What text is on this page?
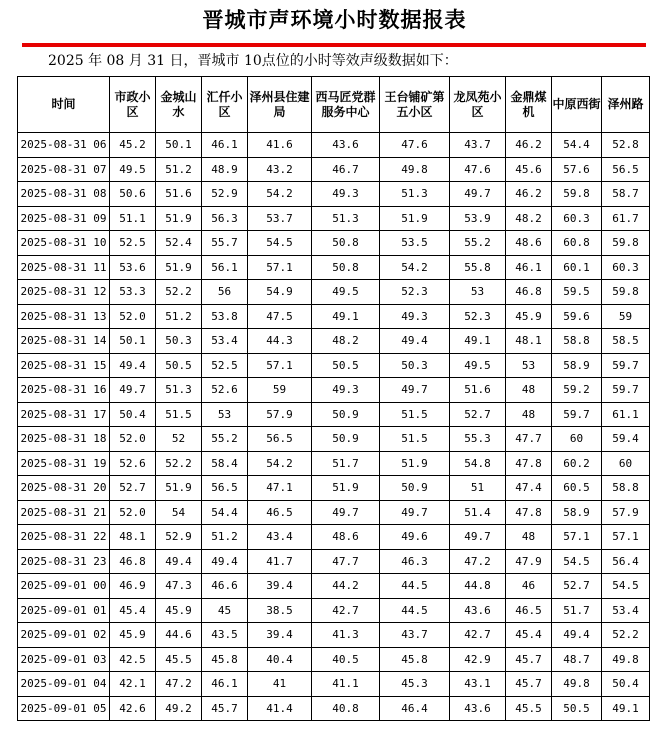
晋城市声环境小时数据报表
2025 年 08 月 31 日，晋城市 10点位的小时等效声级数据如下：
时间	市政小区	金城山水	汇仟小区	泽州县住建局	西马匠党群服务中心	王台铺矿第五小区	龙凤苑小区	金鼎煤机	中原西街	泽州路
2025-08-31 06	45.2	50.1	46.1	41.6	43.6	47.6	43.7	46.2	54.4	52.8
2025-08-31 07	49.5	51.2	48.9	43.2	46.7	49.8	47.6	45.6	57.6	56.5
2025-08-31 08	50.6	51.6	52.9	54.2	49.3	51.3	49.7	46.2	59.8	58.7
2025-08-31 09	51.1	51.9	56.3	53.7	51.3	51.9	53.9	48.2	60.3	61.7
2025-08-31 10	52.5	52.4	55.7	54.5	50.8	53.5	55.2	48.6	60.8	59.8
2025-08-31 11	53.6	51.9	56.1	57.1	50.8	54.2	55.8	46.1	60.1	60.3
2025-08-31 12	53.3	52.2	56	54.9	49.5	52.3	53	46.8	59.5	59.8
2025-08-31 13	52.0	51.2	53.8	47.5	49.1	49.3	52.3	45.9	59.6	59
2025-08-31 14	50.1	50.3	53.4	44.3	48.2	49.4	49.1	48.1	58.8	58.5
2025-08-31 15	49.4	50.5	52.5	57.1	50.5	50.3	49.5	53	58.9	59.7
2025-08-31 16	49.7	51.3	52.6	59	49.3	49.7	51.6	48	59.2	59.7
2025-08-31 17	50.4	51.5	53	57.9	50.9	51.5	52.7	48	59.7	61.1
2025-08-31 18	52.0	52	55.2	56.5	50.9	51.5	55.3	47.7	60	59.4
2025-08-31 19	52.6	52.2	58.4	54.2	51.7	51.9	54.8	47.8	60.2	60
2025-08-31 20	52.7	51.9	56.5	47.1	51.9	50.9	51	47.4	60.5	58.8
2025-08-31 21	52.0	54	54.4	46.5	49.7	49.7	51.4	47.8	58.9	57.9
2025-08-31 22	48.1	52.9	51.2	43.4	48.6	49.6	49.7	48	57.1	57.1
2025-08-31 23	46.8	49.4	49.4	41.7	47.7	46.3	47.2	47.9	54.5	56.4
2025-09-01 00	46.9	47.3	46.6	39.4	44.2	44.5	44.8	46	52.7	54.5
2025-09-01 01	45.4	45.9	45	38.5	42.7	44.5	43.6	46.5	51.7	53.4
2025-09-01 02	45.9	44.6	43.5	39.4	41.3	43.7	42.7	45.4	49.4	52.2
2025-09-01 03	42.5	45.5	45.8	40.4	40.5	45.8	42.9	45.7	48.7	49.8
2025-09-01 04	42.1	47.2	46.1	41	41.1	45.3	43.1	45.7	49.8	50.4
2025-09-01 05	42.6	49.2	45.7	41.4	40.8	46.4	43.6	45.5	50.5	49.1
